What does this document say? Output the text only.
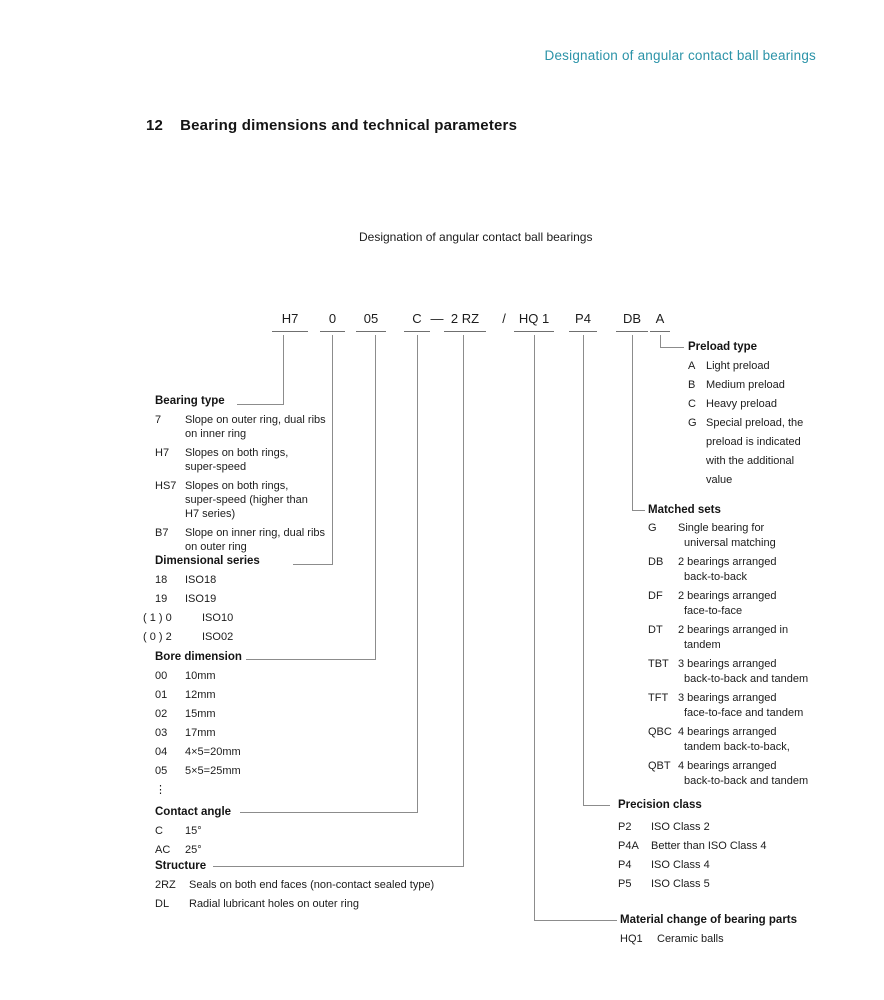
Designation of angular contact ball bearings
12 Bearing dimensions and technical parameters
Designation of angular contact ball bearings
H7	0	05	C — 2 RZ	/	HQ 1	P4	DB	A
Bearing type
7	Slope on outer ring, dual ribs
on inner ring
H7	Slopes on both rings,
super-speed
HS7 Slopes on both rings,
super-speed (higher than
H7 series)
B7	Slope on inner ring, dual ribs
on outer ring
Dimensional series
18	ISO18
19	ISO19
( 1 ) 0	ISO10
( 0 ) 2	ISO02
Bore dimension
00	10mm
01	12mm
02	15mm
03	17mm
04	4×5=20mm
05	5×5=25mm
⋮
Contact angle
C	15°
AC	25°
Structure
2RZ	Seals on both end faces (non-contact sealed type)
DL	Radial lubricant holes on outer ring
Preload type
A Light preload
B Medium preload
C Heavy preload
G Special preload, the
preload is indicated
with the additional
value
Matched sets
G	Single bearing for
universal matching
DB	2 bearings arranged
back-to-back
DF	2 bearings arranged
face-to-face
DT	2 bearings arranged in
tandem
TBT 3 bearings arranged
back-to-back and tandem
TFT 3 bearings arranged
face-to-face and tandem
QBC 4 bearings arranged
tandem back-to-back,
QBT 4 bearings arranged
back-to-back and tandem
Precision class
P2	ISO Class 2
P4A	Better than ISO Class 4
P4	ISO Class 4
P5	ISO Class 5
Material change of bearing parts
HQ1	Ceramic balls
